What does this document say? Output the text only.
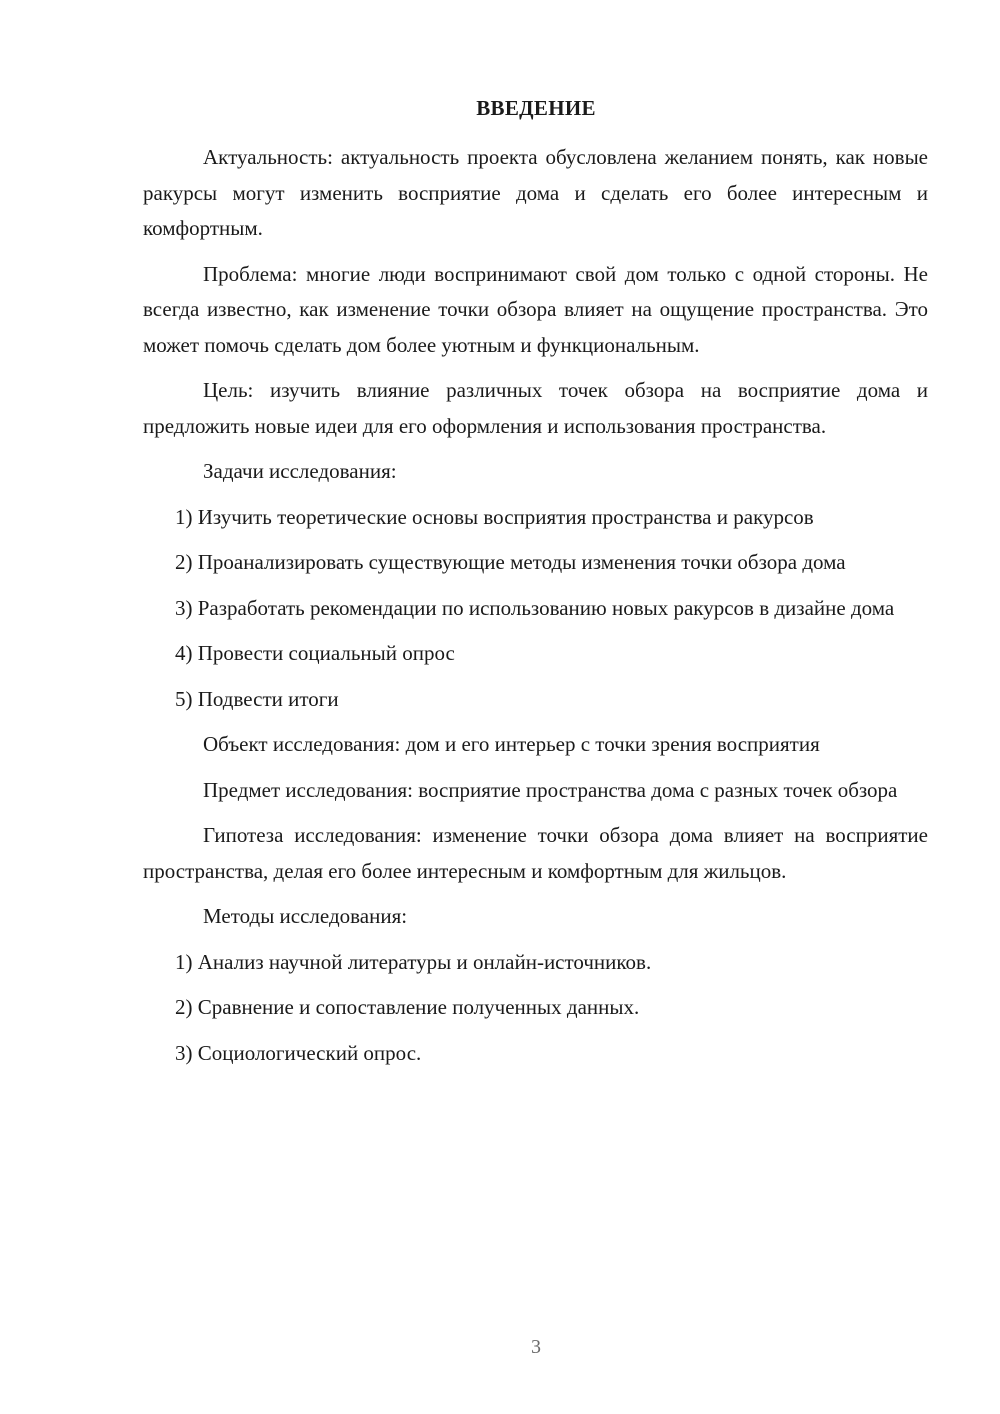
ВВЕДЕНИЕ

Актуальность: актуальность проекта обусловлена желанием понять, как новые ракурсы могут изменить восприятие дома и сделать его более интересным и комфортным.

Проблема: многие люди воспринимают свой дом только с одной стороны. Не всегда известно, как изменение точки обзора влияет на ощущение пространства. Это может помочь сделать дом более уютным и функциональным.

Цель: изучить влияние различных точек обзора на восприятие дома и предложить новые идеи для его оформления и использования пространства.

Задачи исследования:

1) Изучить теоретические основы восприятия пространства и ракурсов

2) Проанализировать существующие методы изменения точки обзора дома

3) Разработать рекомендации по использованию новых ракурсов в дизайне дома

4) Провести социальный опрос

5) Подвести итоги

Объект исследования: дом и его интерьер с точки зрения восприятия

Предмет исследования: восприятие пространства дома с разных точек обзора

Гипотеза исследования: изменение точки обзора дома влияет на восприятие пространства, делая его более интересным и комфортным для жильцов.

Методы исследования:

1) Анализ научной литературы и онлайн-источников.

2) Сравнение и сопоставление полученных данных.

3) Социологический опрос.

3
